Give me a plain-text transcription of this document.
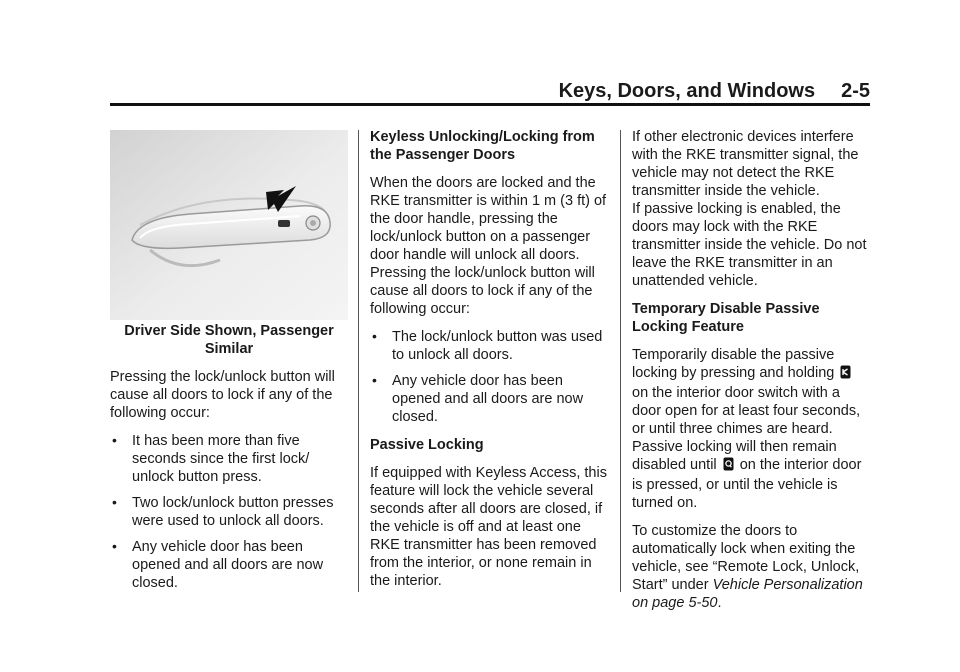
Keys, Doors, and Windows 2-5

Driver Side Shown, Passenger Similar

Pressing the lock/unlock button will cause all doors to lock if any of the following occur:

• It has been more than five seconds since the first lock/ unlock button press.
• Two lock/unlock button presses were used to unlock all doors.
• Any vehicle door has been opened and all doors are now closed.
Keyless Unlocking/Locking from the Passenger Doors

When the doors are locked and the RKE transmitter is within 1 m (3 ft) of the door handle, pressing the lock/unlock button on a passenger door handle will unlock all doors. Pressing the lock/unlock button will cause all doors to lock if any of the following occur:

• The lock/unlock button was used to unlock all doors.
• Any vehicle door has been opened and all doors are now closed.
Passive Locking

If equipped with Keyless Access, this feature will lock the vehicle several seconds after all doors are closed, if the vehicle is off and at least one RKE transmitter has been removed from the interior, or none remain in the interior.

If other electronic devices interfere with the RKE transmitter signal, the vehicle may not detect the RKE transmitter inside the vehicle.

If passive locking is enabled, the doors may lock with the RKE transmitter inside the vehicle. Do not leave the RKE transmitter in an unattended vehicle.

Temporary Disable Passive Locking Feature

Temporarily disable the passive locking by pressing and holding  on the interior door switch with a door open for at least four seconds, or until three chimes are heard. Passive locking will then remain disabled until on the interior door is pressed, or until the vehicle is turned on.

To customize the doors to automatically lock when exiting the vehicle, see “Remote Lock, Unlock, Start” under Vehicle Personalization on page 5-50.
